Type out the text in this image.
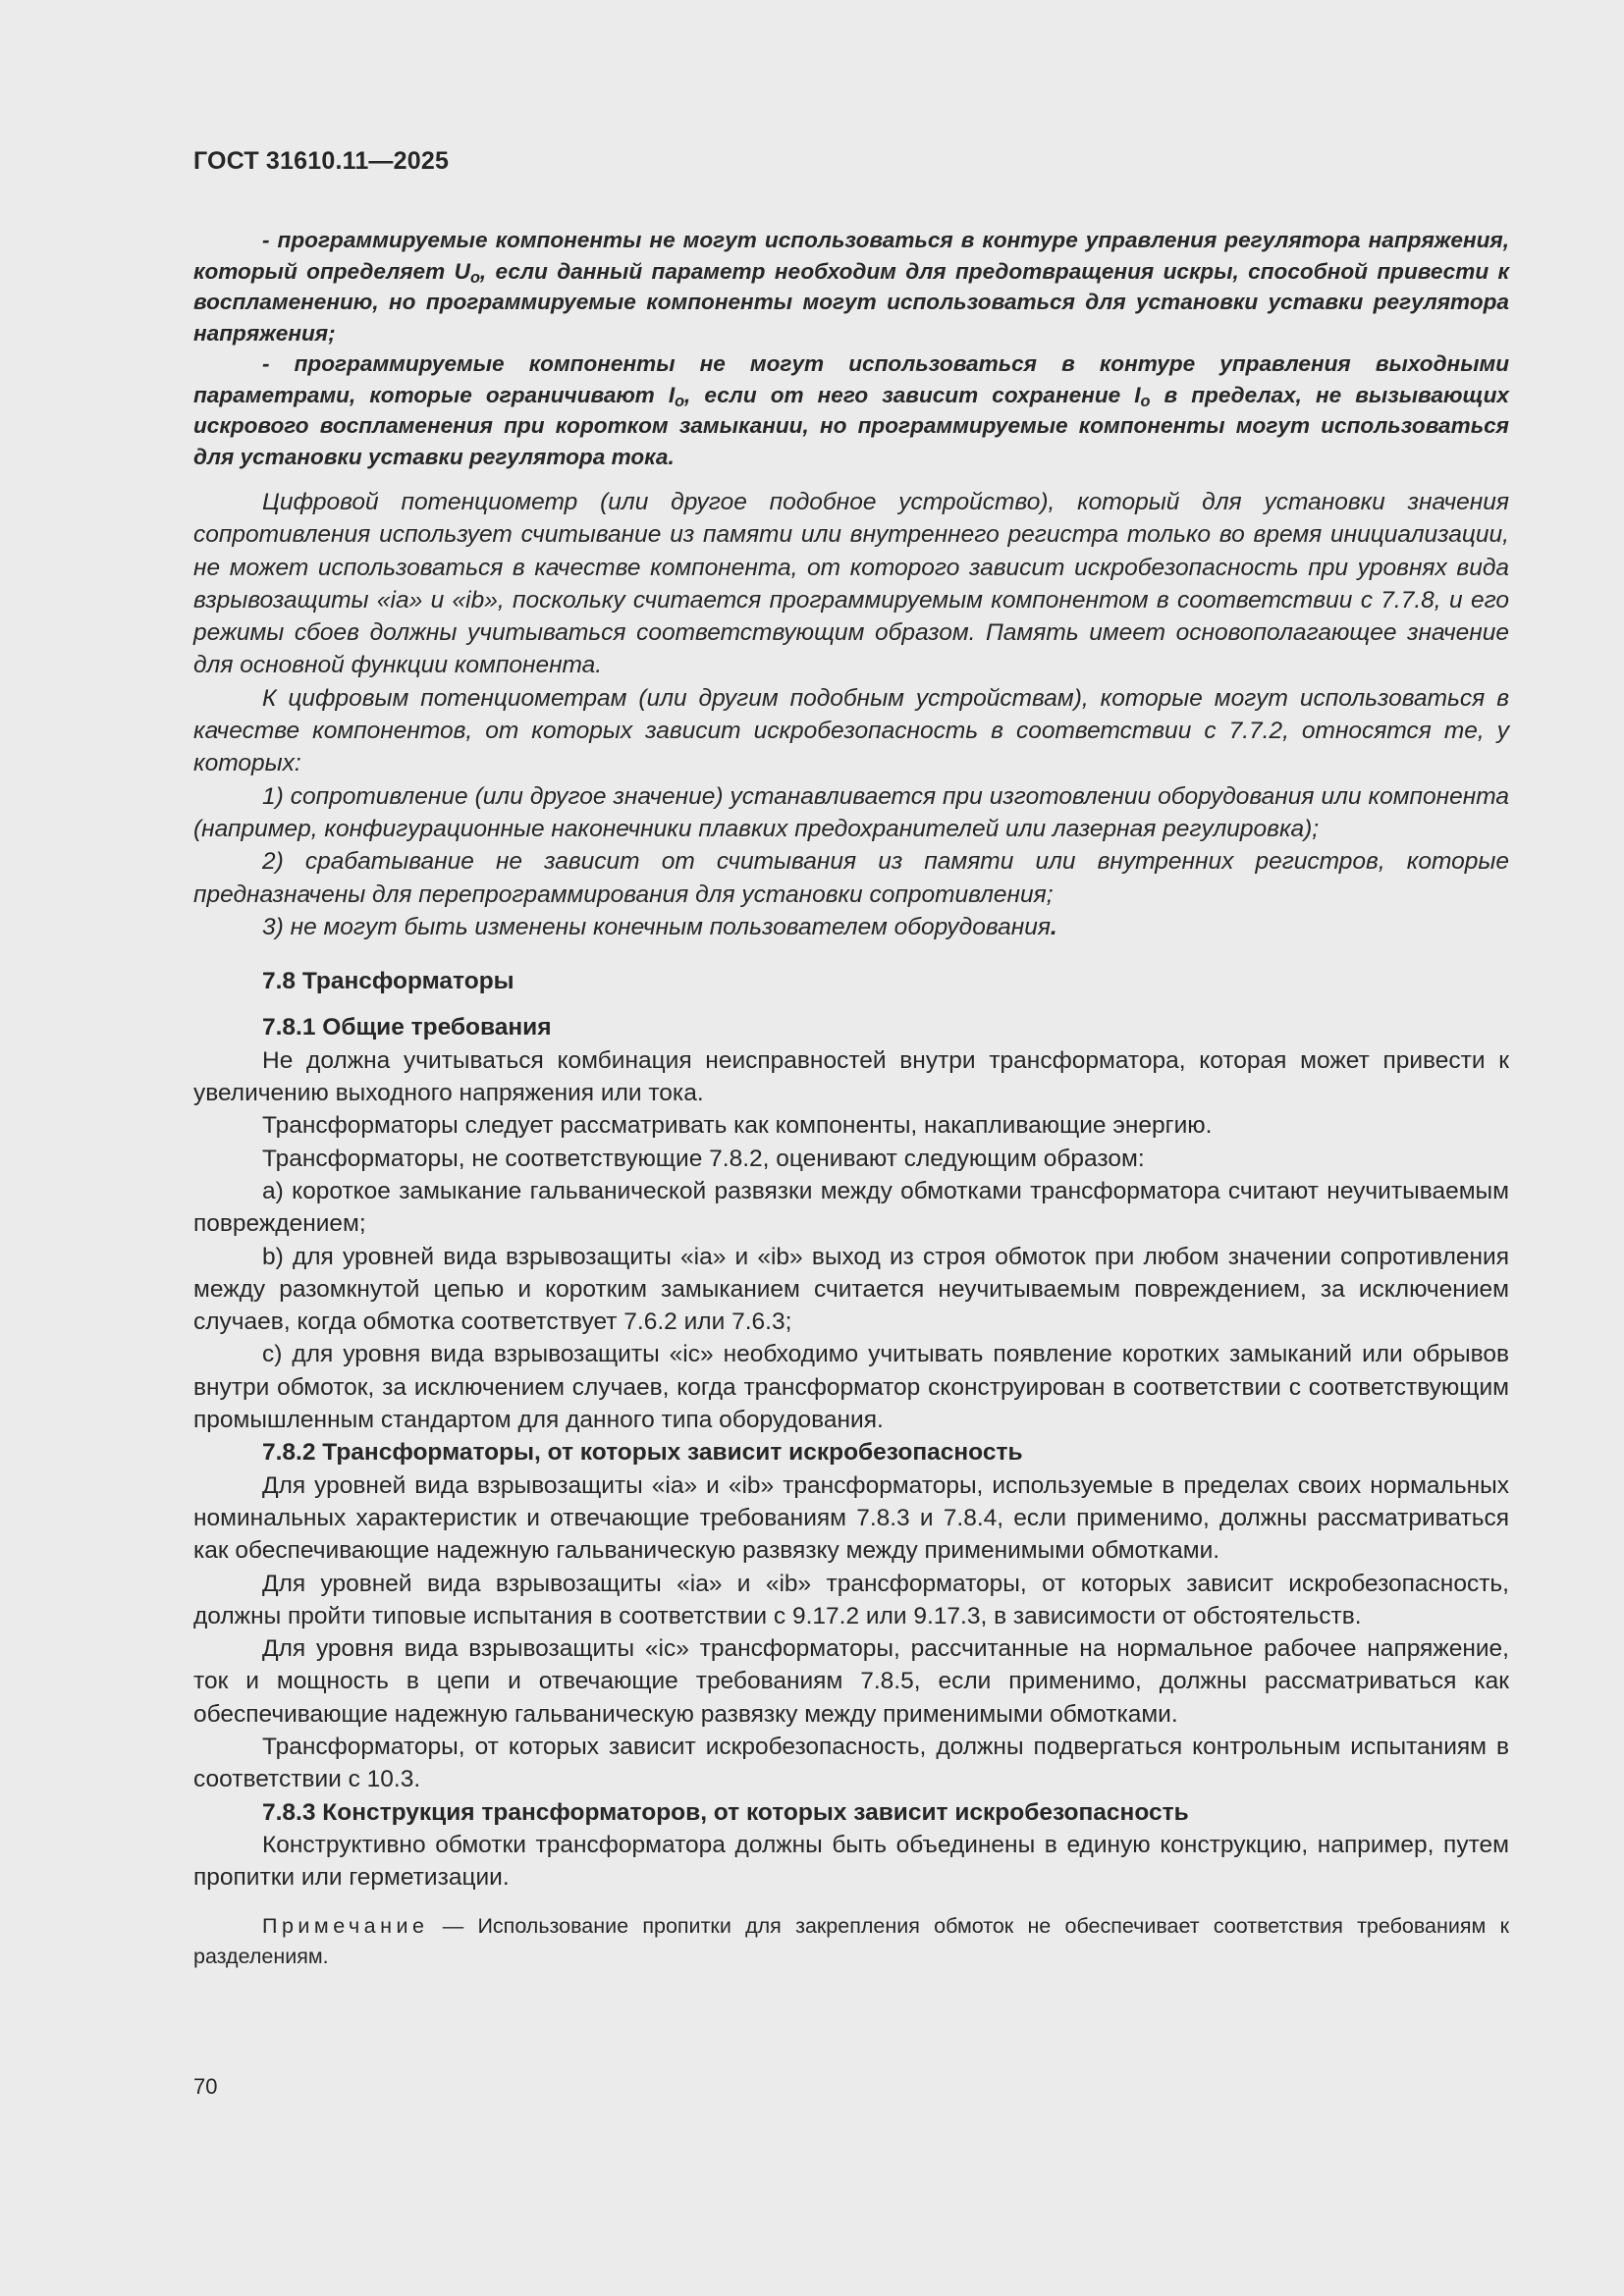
ГОСТ 31610.11—2025

- программируемые компоненты не могут использоваться в контуре управления регулятора напряжения, который определяет $U_o$, если данный параметр необходим для предотвращения искры, способной привести к воспламенению, но программируемые компоненты могут использоваться для установки уставки регулятора напряжения;

- программируемые компоненты не могут использоваться в контуре управления выходными параметрами, которые ограничивают $I_o$, если от него зависит сохранение $I_o$ в пределах, не вызывающих искрового воспламенения при коротком замыкании, но программируемые компоненты могут использоваться для установки уставки регулятора тока.

Цифровой потенциометр (или другое подобное устройство), который для установки значения сопротивления использует считывание из памяти или внутреннего регистра только во время инициализации, не может использоваться в качестве компонента, от которого зависит искробезопасность при уровнях вида взрывозащиты «ia» и «ib», поскольку считается программируемым компонентом в соответствии с 7.7.8, и его режимы сбоев должны учитываться соответствующим образом. Память имеет основополагающее значение для основной функции компонента.

К цифровым потенциометрам (или другим подобным устройствам), которые могут использоваться в качестве компонентов, от которых зависит искробезопасность в соответствии с 7.7.2, относятся те, у которых:

1) сопротивление (или другое значение) устанавливается при изготовлении оборудования или компонента (например, конфигурационные наконечники плавких предохранителей или лазерная регулировка);

2) срабатывание не зависит от считывания из памяти или внутренних регистров, которые предназначены для перепрограммирования для установки сопротивления;

3) не могут быть изменены конечным пользователем оборудования.

7.8 Трансформаторы

7.8.1 Общие требования

Не должна учитываться комбинация неисправностей внутри трансформатора, которая может привести к увеличению выходного напряжения или тока.

Трансформаторы следует рассматривать как компоненты, накапливающие энергию.

Трансформаторы, не соответствующие 7.8.2, оценивают следующим образом:

a) короткое замыкание гальванической развязки между обмотками трансформатора считают неучитываемым повреждением;

b) для уровней вида взрывозащиты «ia» и «ib» выход из строя обмоток при любом значении сопротивления между разомкнутой цепью и коротким замыканием считается неучитываемым повреждением, за исключением случаев, когда обмотка соответствует 7.6.2 или 7.6.3;

c) для уровня вида взрывозащиты «ic» необходимо учитывать появление коротких замыканий или обрывов внутри обмоток, за исключением случаев, когда трансформатор сконструирован в соответствии с соответствующим промышленным стандартом для данного типа оборудования.

7.8.2 Трансформаторы, от которых зависит искробезопасность

Для уровней вида взрывозащиты «ia» и «ib» трансформаторы, используемые в пределах своих нормальных номинальных характеристик и отвечающие требованиям 7.8.3 и 7.8.4, если применимо, должны рассматриваться как обеспечивающие надежную гальваническую развязку между применимыми обмотками.

Для уровней вида взрывозащиты «ia» и «ib» трансформаторы, от которых зависит искробезопасность, должны пройти типовые испытания в соответствии с 9.17.2 или 9.17.3, в зависимости от обстоятельств.

Для уровня вида взрывозащиты «ic» трансформаторы, рассчитанные на нормальное рабочее напряжение, ток и мощность в цепи и отвечающие требованиям 7.8.5, если применимо, должны рассматриваться как обеспечивающие надежную гальваническую развязку между применимыми обмотками.

Трансформаторы, от которых зависит искробезопасность, должны подвергаться контрольным испытаниям в соответствии с 10.3.

7.8.3 Конструкция трансформаторов, от которых зависит искробезопасность

Конструктивно обмотки трансформатора должны быть объединены в единую конструкцию, например, путем пропитки или герметизации.

Примечание — Использование пропитки для закрепления обмоток не обеспечивает соответствия требованиям к разделениям.

70
